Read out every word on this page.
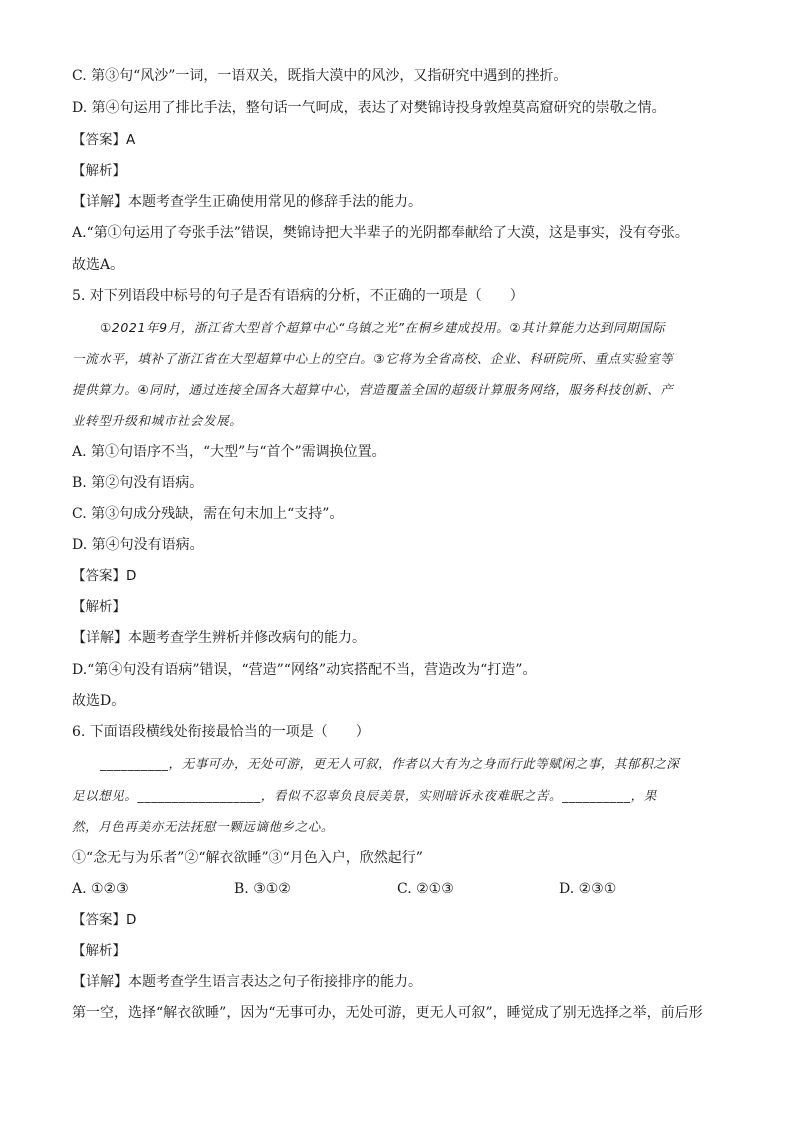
C. 第③句“风沙”一词，一语双关，既指大漠中的风沙，又指研究中遇到的挫折。
D. 第④句运用了排比手法，整句话一气呵成，表达了对樊锦诗投身敦煌莫高窟研究的崇敬之情。
【答案】A
【解析】
【详解】本题考查学生正确使用常见的修辞手法的能力。
A.“第①句运用了夸张手法”错误，樊锦诗把大半辈子的光阴都奉献给了大漠，这是事实，没有夸张。
故选A。
5. 对下列语段中标号的句子是否有语病的分析，不正确的一项是（　　）
①2021年9月，浙江省大型首个超算中心“乌镇之光”在桐乡建成投用。②其计算能力达到同期国际
一流水平，填补了浙江省在大型超算中心上的空白。③它将为全省高校、企业、科研院所、重点实验室等
提供算力。④同时，通过连接全国各大超算中心，营造覆盖全国的超级计算服务网络，服务科技创新、产
业转型升级和城市社会发展。
A. 第①句语序不当，“大型”与“首个”需调换位置。
B. 第②句没有语病。
C. 第③句成分残缺，需在句末加上“支持”。
D. 第④句没有语病。
【答案】D
【解析】
【详解】本题考查学生辨析并修改病句的能力。
D.“第④句没有语病”错误，“营造”“网络”动宾搭配不当，营造改为“打造”。
故选D。
6. 下面语段横线处衔接最恰当的一项是（　　）
__________，无事可办，无处可游，更无人可叙，作者以大有为之身而行此等赋闲之事，其郁积之深
足以想见。__________________，看似不忍辜负良辰美景，实则暗诉永夜难眠之苦。__________，果
然，月色再美亦无法抚慰一颗远谪他乡之心。
①“念无与为乐者”②“解衣欲睡”③“月色入户，欣然起行”
A. ①②③	B. ③①②	C. ②①③	D. ②③①
【答案】D
【解析】
【详解】本题考查学生语言表达之句子衔接排序的能力。
第一空，选择“解衣欲睡”，因为“无事可办，无处可游，更无人可叙”，睡觉成了别无选择之举，前后形
